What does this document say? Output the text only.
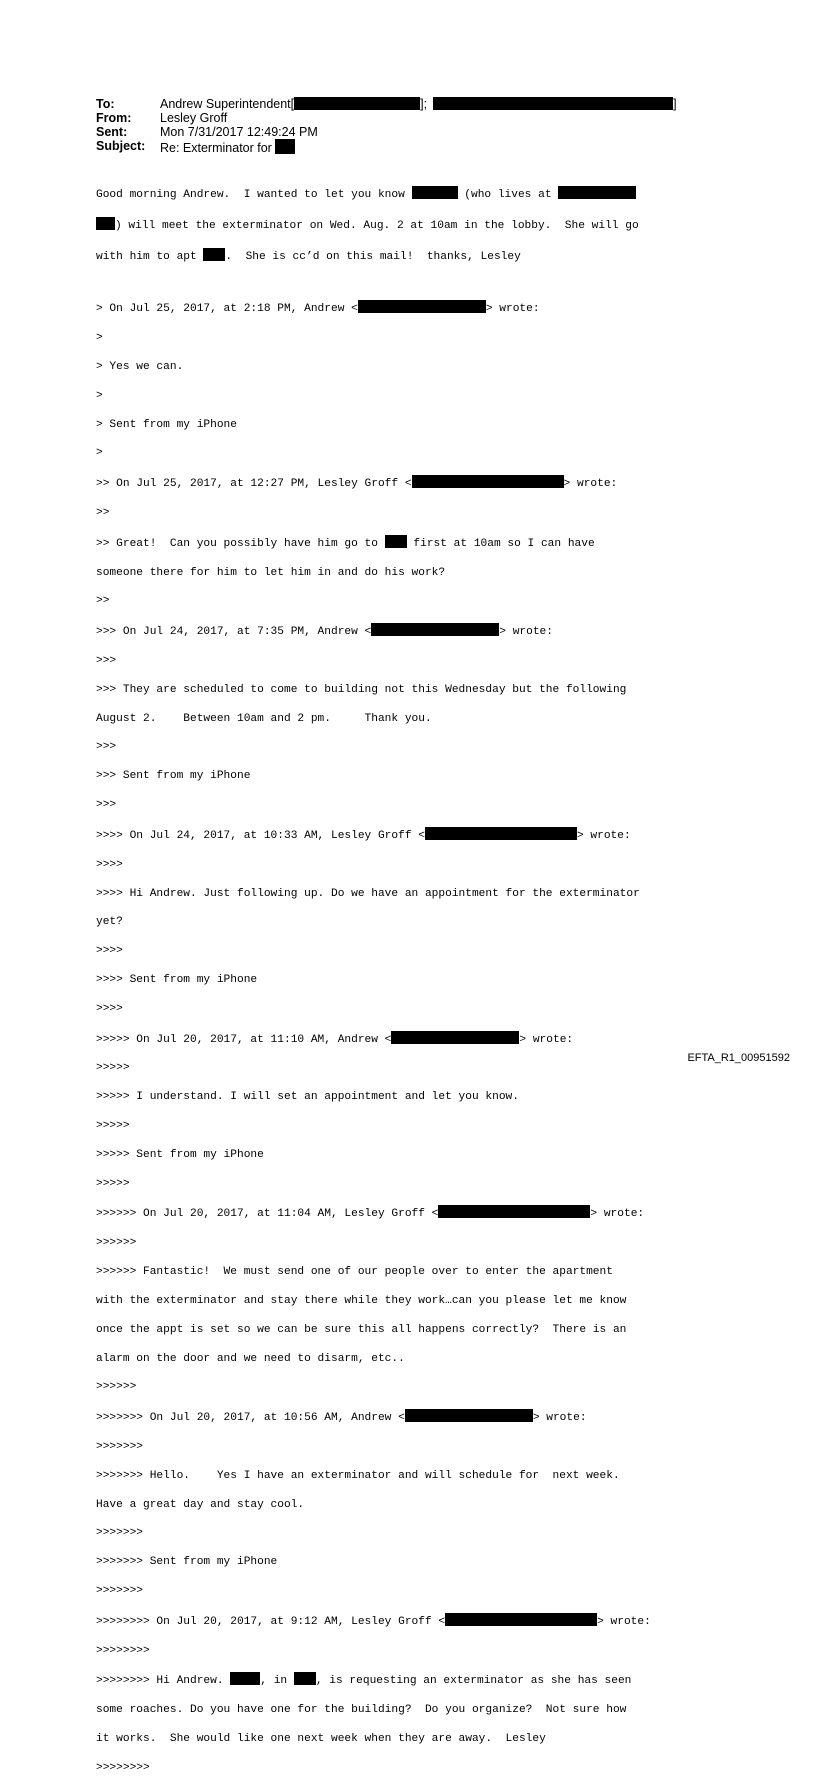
To:	Andrew Superintendent[	];	]
From:	Lesley Groff
Sent:	Mon 7/31/2017 12:49:24 PM
Subject:	Re: Exterminator for

Good morning Andrew.  I wanted to let you know	(who lives at

) will meet the exterminator on Wed. Aug. 2 at 10am in the lobby.  She will go

with him to apt .  She is cc’d on this mail!  thanks, Lesley

> On Jul 25, 2017, at 2:18 PM, Andrew <	> wrote:

>

> Yes we can.

>

> Sent from my iPhone

>

>> On Jul 25, 2017, at 12:27 PM, Lesley Groff <	> wrote:

>>

>> Great!  Can you possibly have him go to  first at 10am so I can have

someone there for him to let him in and do his work?

>>

>>> On Jul 24, 2017, at 7:35 PM, Andrew <	> wrote:

>>>

>>> They are scheduled to come to building not this Wednesday but the following

August 2.    Between 10am and 2 pm.     Thank you.

>>>

>>> Sent from my iPhone

>>>

>>>> On Jul 24, 2017, at 10:33 AM, Lesley Groff <	> wrote:

>>>>

>>>> Hi Andrew. Just following up. Do we have an appointment for the exterminator

yet?

>>>>

>>>> Sent from my iPhone

>>>>

>>>>> On Jul 20, 2017, at 11:10 AM, Andrew <	> wrote:

>>>>>

>>>>> I understand. I will set an appointment and let you know.

>>>>>

>>>>> Sent from my iPhone

>>>>>

>>>>>> On Jul 20, 2017, at 11:04 AM, Lesley Groff <	> wrote:

>>>>>>

>>>>>> Fantastic!  We must send one of our people over to enter the apartment

with the exterminator and stay there while they work…can you please let me know

once the appt is set so we can be sure this all happens correctly?  There is an

alarm on the door and we need to disarm, etc..

>>>>>>

>>>>>>> On Jul 20, 2017, at 10:56 AM, Andrew <	> wrote:

>>>>>>>

>>>>>>> Hello.    Yes I have an exterminator and will schedule for  next week.

Have a great day and stay cool.

>>>>>>>

>>>>>>> Sent from my iPhone

>>>>>>>

>>>>>>>> On Jul 20, 2017, at 9:12 AM, Lesley Groff <	> wrote:

>>>>>>>>

>>>>>>>> Hi Andrew.	, in , is requesting an exterminator as she has seen

some roaches. Do you have one for the building?  Do you organize?  Not sure how

it works.  She would like one next week when they are away.  Lesley

>>>>>>>>

EFTA_R1_00951592
